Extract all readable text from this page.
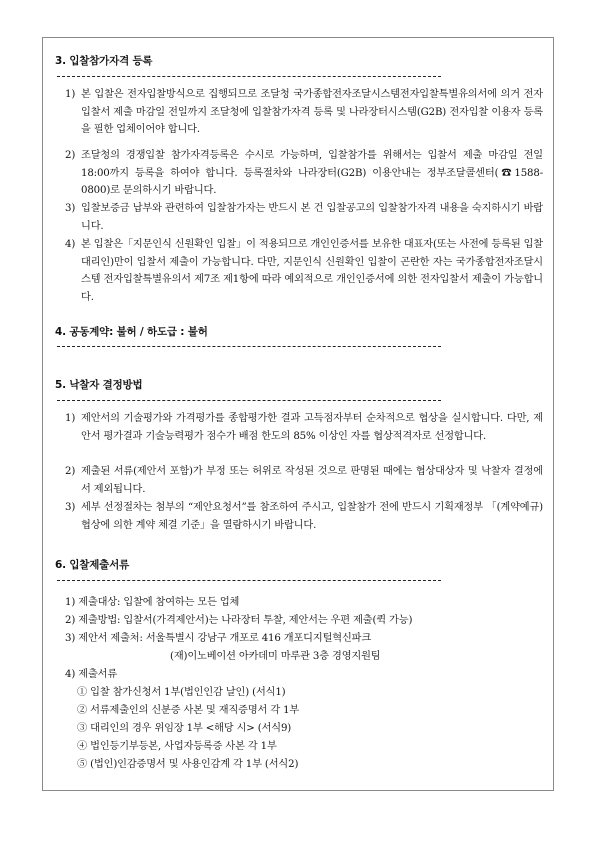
3. 입찰참가자격 등록
1) 본 입찰은 전자입찰방식으로 집행되므로 조달청 국가종합전자조달시스템전자입찰특별유의서에 의거 전자입찰서 제출 마감일 전일까지 조달청에 입찰참가자격 등록 및 나라장터시스템(G2B) 전자입찰 이용자 등록을 필한 업체이어야 합니다.
2) 조달청의 경쟁입찰 참가자격등록은 수시로 가능하며, 입찰참가를 위해서는 입찰서 제출 마감일 전일 18:00까지 등록을 하여야 합니다. 등록절차와 나라장터(G2B) 이용안내는 정부조달콜센터(☎1588-0800)로 문의하시기 바랍니다.
3) 입찰보증금 납부와 관련하여 입찰참가자는 반드시 본 건 입찰공고의 입찰참가자격 내용을 숙지하시기 바랍니다.
4) 본 입찰은「지문인식 신원확인 입찰」이 적용되므로 개인인증서를 보유한 대표자(또는 사전에 등록된 입찰대리인)만이 입찰서 제출이 가능합니다. 다만, 지문인식 신원확인 입찰이 곤란한 자는 국가종합전자조달시스템 전자입찰특별유의서 제7조 제1항에 따라 예외적으로 개인인증서에 의한 전자입찰서 제출이 가능합니다.
4. 공동계약: 불허 / 하도급 : 불허
5. 낙찰자 결정방법
1) 제안서의 기술평가와 가격평가를 종합평가한 결과 고득점자부터 순차적으로 협상을 실시합니다. 다만, 제안서 평가결과 기술능력평가 점수가 배점 한도의 85% 이상인 자를 협상적격자로 선정합니다.
2) 제출된 서류(제안서 포함)가 부정 또는 허위로 작성된 것으로 판명된 때에는 협상대상자 및 낙찰자 결정에서 제외됩니다.
3) 세부 선정절차는 첨부의 “제안요청서”를 참조하여 주시고, 입찰참가 전에 반드시 기획재정부 「(계약예규)협상에 의한 계약 체결 기준」을 열람하시기 바랍니다.
6. 입찰제출서류
1) 제출대상: 입찰에 참여하는 모든 업체
2) 제출방법: 입찰서(가격제안서)는 나라장터 투찰, 제안서는 우편 제출(퀵 가능)
3) 제안서 제출처: 서울특별시 강남구 개포로 416 개포디지털혁신파크
(재)이노베이션 아카데미 마루관 3층 경영지원팀
4) 제출서류
① 입찰 참가신청서 1부(법인인감 날인) (서식1)
② 서류제출인의 신분증 사본 및 재직증명서 각 1부
③ 대리인의 경우 위임장 1부 <해당 시> (서식9)
④ 법인등기부등본, 사업자등록증 사본 각 1부
⑤ (법인)인감증명서 및 사용인감계 각 1부 (서식2)
